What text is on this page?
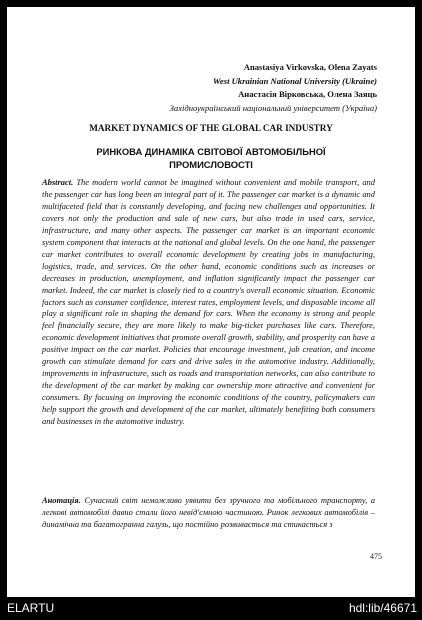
Anastasiya Virkovska, Olena Zayats
West Ukrainian National University (Ukraine)
Анастасія Вірковська, Олена Заяць
Західноукраїнський національний університет (Україна)
MARKET DYNAMICS OF THE GLOBAL CAR INDUSTRY
РИНКОВА ДИНАМІКА СВІТОВОЇ АВТОМОБІЛЬНОЇ
ПРОМИСЛОВОСТІ

Abstract. The modern world cannot be imagined without convenient and mobile transport, and the passenger car has long been an integral part of it. The passenger car market is a dynamic and multifaceted field that is constantly developing, and facing new challenges and opportunities. It covers not only the production and sale of new cars, but also trade in used cars, service, infrastructure, and many other aspects. The passenger car market is an important economic system component that interacts at the national and global levels. On the one hand, the passenger car market contributes to overall economic development by creating jobs in manufacturing, logistics, trade, and services. On the other hand, economic conditions such as increases or decreases in production, unemployment, and inflation significantly impact the passenger car market. Indeed, the car market is closely tied to a country's overall economic situation. Economic factors such as consumer confidence, interest rates, employment levels, and disposable income all play a significant role in shaping the demand for cars. When the economy is strong and people feel financially secure, they are more likely to make big-ticket purchases like cars. Therefore, economic development initiatives that promote overall growth, stability, and prosperity can have a positive impact on the car market. Policies that encourage investment, job creation, and income growth can stimulate demand for cars and drive sales in the automotive industry. Additionally, improvements in infrastructure, such as roads and transportation networks, can also contribute to the development of the car market by making car ownership more attractive and convenient for consumers. By focusing on improving the economic conditions of the country, policymakers can help support the growth and development of the car market, ultimately benefiting both consumers and businesses in the automotive industry.

Анотація. Сучасний світ неможливо уявити без зручного та мобільного транспорту, а легкові автомобілі давно стали його невід'ємною частиною. Ринок легкових автомобілів – динамічна та багатогранна галузь, що постійно розвивається та стикається з

475
ELARTU	hdl:lib/46671
